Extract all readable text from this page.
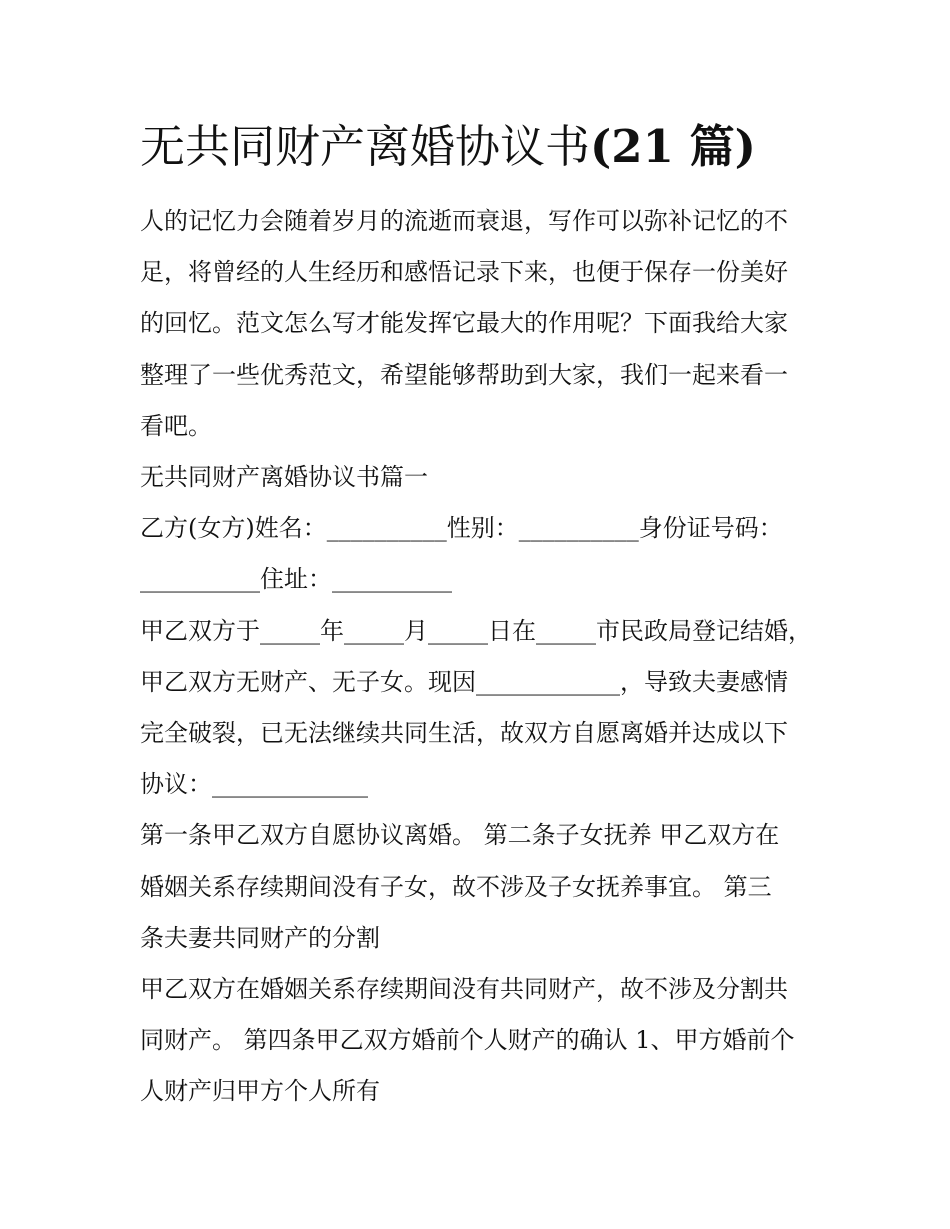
无共同财产离婚协议书(21 篇)

人的记忆力会随着岁月的流逝而衰退，写作可以弥补记忆的不
足，将曾经的人生经历和感悟记录下来，也便于保存一份美好
的回忆。范文怎么写才能发挥它最大的作用呢？下面我给大家
整理了一些优秀范文，希望能够帮助到大家，我们一起来看一
看吧。

无共同财产离婚协议书篇一

乙方(女方)姓名：__________性别：__________身份证号码：
__________住址：__________

甲乙双方于_____年_____月_____日在_____市民政局登记结婚，
甲乙双方无财产、无子女。现因____________，导致夫妻感情
完全破裂，已无法继续共同生活，故双方自愿离婚并达成以下
协议：_____________

第一条甲乙双方自愿协议离婚。 第二条子女抚养 甲乙双方在
婚姻关系存续期间没有子女，故不涉及子女抚养事宜。 第三
条夫妻共同财产的分割

甲乙双方在婚姻关系存续期间没有共同财产，故不涉及分割共
同财产。 第四条甲乙双方婚前个人财产的确认 1、甲方婚前个
人财产归甲方个人所有
